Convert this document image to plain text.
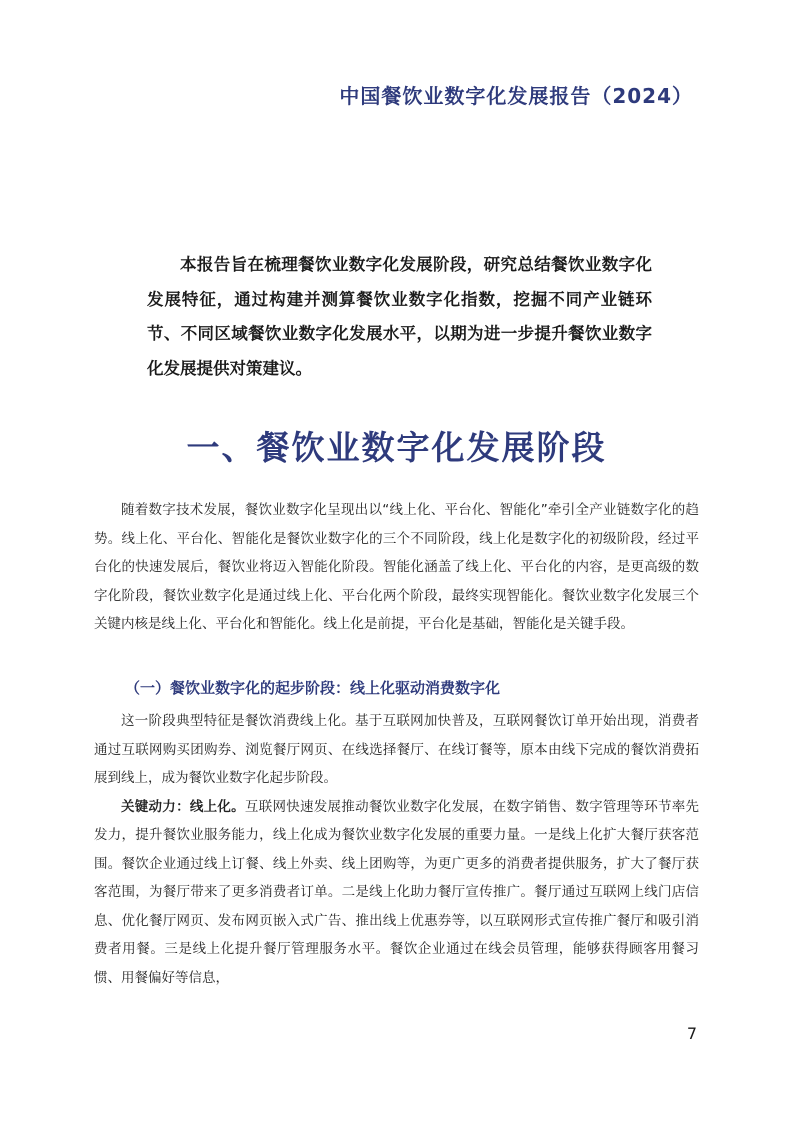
中国餐饮业数字化发展报告（2024）

本报告旨在梳理餐饮业数字化发展阶段，研究总结餐饮业数字化发展特征，通过构建并测算餐饮业数字化指数，挖掘不同产业链环节、不同区域餐饮业数字化发展水平，以期为进一步提升餐饮业数字化发展提供对策建议。

一、餐饮业数字化发展阶段

随着数字技术发展，餐饮业数字化呈现出以“线上化、平台化、智能化”牵引全产业链数字化的趋势。线上化、平台化、智能化是餐饮业数字化的三个不同阶段，线上化是数字化的初级阶段，经过平台化的快速发展后，餐饮业将迈入智能化阶段。智能化涵盖了线上化、平台化的内容，是更高级的数字化阶段，餐饮业数字化是通过线上化、平台化两个阶段，最终实现智能化。餐饮业数字化发展三个关键内核是线上化、平台化和智能化。线上化是前提，平台化是基础，智能化是关键手段。

（一）餐饮业数字化的起步阶段：线上化驱动消费数字化

这一阶段典型特征是餐饮消费线上化。基于互联网加快普及，互联网餐饮订单开始出现，消费者通过互联网购买团购券、浏览餐厅网页、在线选择餐厅、在线订餐等，原本由线下完成的餐饮消费拓展到线上，成为餐饮业数字化起步阶段。

关键动力：线上化。互联网快速发展推动餐饮业数字化发展，在数字销售、数字管理等环节率先发力，提升餐饮业服务能力，线上化成为餐饮业数字化发展的重要力量。一是线上化扩大餐厅获客范围。餐饮企业通过线上订餐、线上外卖、线上团购等，为更广更多的消费者提供服务，扩大了餐厅获客范围，为餐厅带来了更多消费者订单。二是线上化助力餐厅宣传推广。餐厅通过互联网上线门店信息、优化餐厅网页、发布网页嵌入式广告、推出线上优惠券等，以互联网形式宣传推广餐厅和吸引消费者用餐。三是线上化提升餐厅管理服务水平。餐饮企业通过在线会员管理，能够获得顾客用餐习惯、用餐偏好等信息，

7
